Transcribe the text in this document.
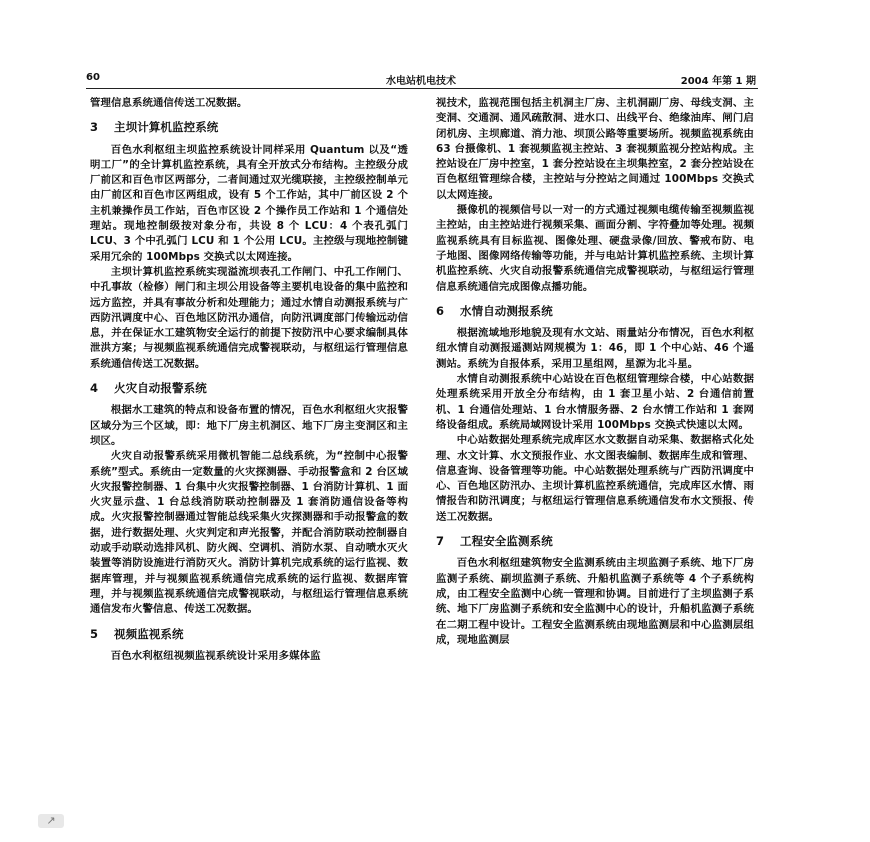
60	水电站机电技术	2004 年第 1 期

管理信息系统通信传送工况数据。

3 主坝计算机监控系统

百色水利枢纽主坝监控系统设计同样采用 Quantum 以及“透明工厂”的全计算机监控系统，具有全开放式分布结构。主控级分成厂前区和百色市区两部分，二者间通过双光缆联接，主控级控制单元由厂前区和百色市区两组成，设有 5 个工作站，其中厂前区设 2 个主机兼操作员工作站，百色市区设 2 个操作员工作站和 1 个通信处理站。现地控制级按对象分布，共设 8 个 LCU：4 个表孔弧门 LCU、3 个中孔弧门 LCU 和 1 个公用 LCU。主控级与现地控制键采用冗余的 100Mbps 交换式以太网连接。

主坝计算机监控系统实现溢流坝表孔工作闸门、中孔工作闸门、中孔事故（检修）闸门和主坝公用设备等主要机电设备的集中监控和远方监控，并具有事故分析和处理能力；通过水情自动测报系统与广西防汛调度中心、百色地区防汛办通信，向防汛调度部门传输远动信息，并在保证水工建筑物安全运行的前提下按防汛中心要求编制具体泄洪方案；与视频监视系统通信完成警视联动，与枢纽运行管理信息系统通信传送工况数据。

4 火灾自动报警系统

根据水工建筑的特点和设备布置的情况，百色水利枢纽火灾报警区域分为三个区域，即：地下厂房主机洞区、地下厂房主变洞区和主坝区。

火灾自动报警系统采用微机智能二总线系统，为“控制中心报警系统”型式。系统由一定数量的火灾探测器、手动报警盒和 2 台区域火灾报警控制器、1 台集中火灾报警控制器、1 台消防计算机、1 面火灾显示盘、1 台总线消防联动控制器及 1 套消防通信设备等构成。火灾报警控制器通过智能总线采集火灾探测器和手动报警盒的数据，进行数据处理、火灾判定和声光报警，并配合消防联动控制器自动或手动联动选排风机、防火阀、空调机、消防水泵、自动喷水灭火装置等消防设施进行消防灭火。消防计算机完成系统的运行监视、数据库管理，并与视频监视系统通信完成系统的运行监视、数据库管理，并与视频监视系统通信完成警视联动，与枢纽运行管理信息系统通信发布火警信息、传送工况数据。

5 视频监视系统

百色水利枢纽视频监视系统设计采用多媒体监

视技术，监视范围包括主机洞主厂房、主机洞副厂房、母线支洞、主变洞、交通洞、通风疏散洞、进水口、出线平台、绝缘油库、闸门启闭机房、主坝廊道、消力池、坝顶公路等重要场所。视频监视系统由 63 台摄像机、1 套视频监视主控站、3 套视频监视分控站构成。主控站设在厂房中控室，1 套分控站设在主坝集控室，2 套分控站设在百色枢纽管理综合楼，主控站与分控站之间通过 100Mbps 交换式以太网连接。

摄像机的视频信号以一对一的方式通过视频电缆传输至视频监视主控站，由主控站进行视频采集、画面分割、字符叠加等处理。视频监视系统具有目标监视、图像处理、硬盘录像/回放、警戒布防、电子地图、图像网络传输等功能，并与电站计算机监控系统、主坝计算机监控系统、火灾自动报警系统通信完成警视联动，与枢纽运行管理信息系统通信完成图像点播功能。

6 水情自动测报系统

根据流域地形地貌及现有水文站、雨量站分布情况，百色水利枢纽水情自动测报遥测站网规模为 1：46，即 1 个中心站、46 个遥测站。系统为自报体系，采用卫星组网，星源为北斗星。

水情自动测报系统中心站设在百色枢纽管理综合楼，中心站数据处理系统采用开放全分布结构，由 1 套卫星小站、2 台通信前置机、1 台通信处理站、1 台水情服务器、2 台水情工作站和 1 套网络设备组成。系统局域网设计采用 100Mbps 交换式快速以太网。

中心站数据处理系统完成库区水文数据自动采集、数据格式化处理、水文计算、水文预报作业、水文图表编制、数据库生成和管理、信息查询、设备管理等功能。中心站数据处理系统与广西防汛调度中心、百色地区防汛办、主坝计算机监控系统通信，完成库区水情、雨情报告和防汛调度；与枢纽运行管理信息系统通信发布水文预报、传送工况数据。

7 工程安全监测系统

百色水利枢纽建筑物安全监测系统由主坝监测子系统、地下厂房监测子系统、副坝监测子系统、升船机监测子系统等 4 个子系统构成，由工程安全监测中心统一管理和协调。目前进行了主坝监测子系统、地下厂房监测子系统和安全监测中心的设计，升船机监测子系统在二期工程中设计。工程安全监测系统由现地监测层和中心监测层组成，现地监测层

↗
